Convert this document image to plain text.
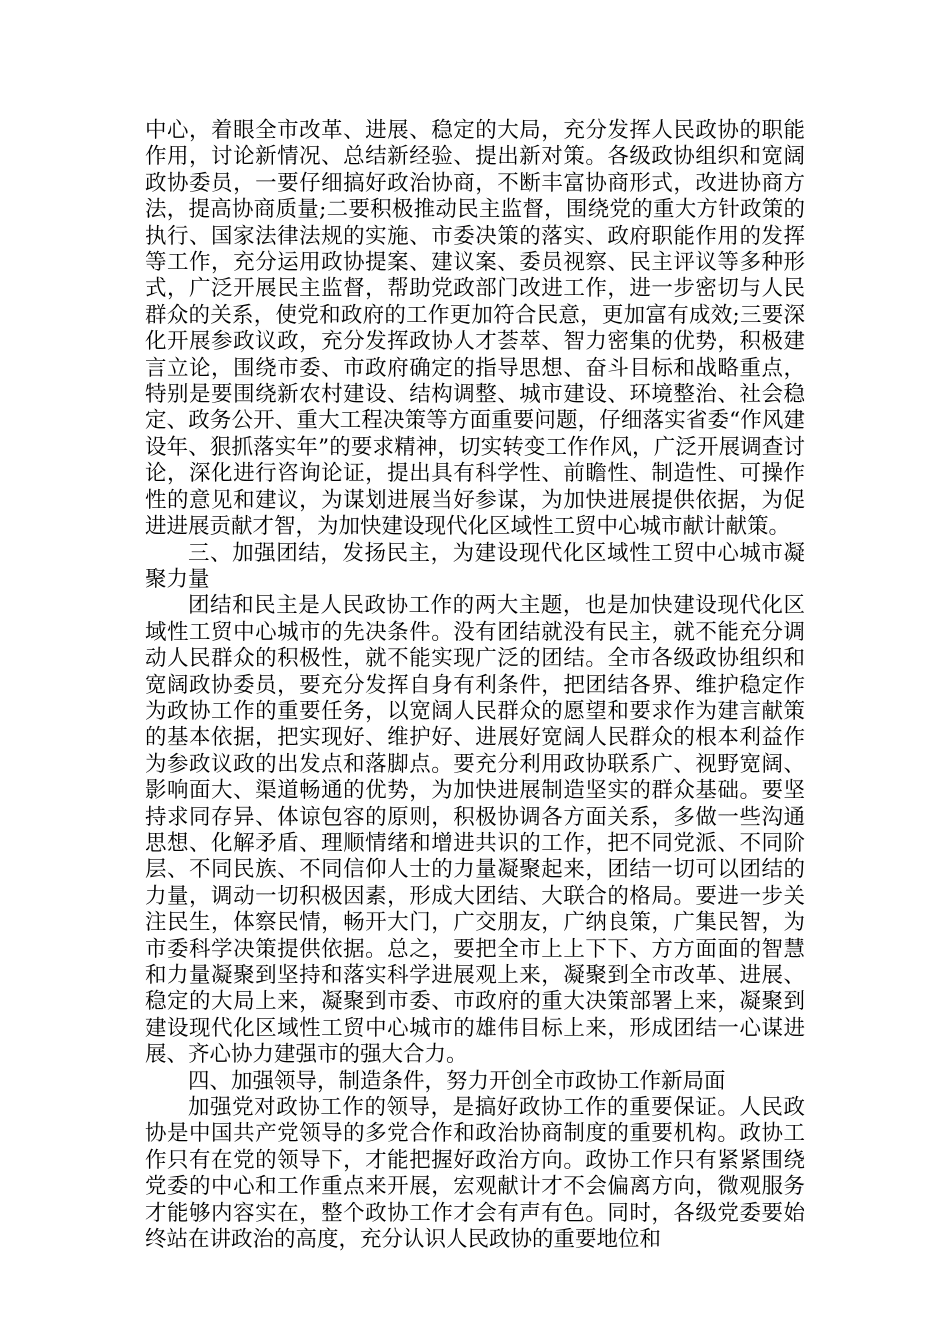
中心，着眼全市改革、进展、稳定的大局，充分发挥人民政协的职能作用，讨论新情况、总结新经验、提出新对策。各级政协组织和宽阔政协委员，一要仔细搞好政治协商，不断丰富协商形式，改进协商方法，提高协商质量;二要积极推动民主监督，围绕党的重大方针政策的执行、国家法律法规的实施、市委决策的落实、政府职能作用的发挥等工作，充分运用政协提案、建议案、委员视察、民主评议等多种形式，广泛开展民主监督，帮助党政部门改进工作，进一步密切与人民群众的关系，使党和政府的工作更加符合民意，更加富有成效;三要深化开展参政议政，充分发挥政协人才荟萃、智力密集的优势，积极建言立论，围绕市委、市政府确定的指导思想、奋斗目标和战略重点，特别是要围绕新农村建设、结构调整、城市建设、环境整治、社会稳定、政务公开、重大工程决策等方面重要问题，仔细落实省委“作风建设年、狠抓落实年”的要求精神，切实转变工作作风，广泛开展调查讨论，深化进行咨询论证，提出具有科学性、前瞻性、制造性、可操作性的意见和建议，为谋划进展当好参谋，为加快进展提供依据，为促进进展贡献才智，为加快建设现代化区域性工贸中心城市献计献策。

三、加强团结，发扬民主，为建设现代化区域性工贸中心城市凝聚力量

团结和民主是人民政协工作的两大主题，也是加快建设现代化区域性工贸中心城市的先决条件。没有团结就没有民主，就不能充分调动人民群众的积极性，就不能实现广泛的团结。全市各级政协组织和宽阔政协委员，要充分发挥自身有利条件，把团结各界、维护稳定作为政协工作的重要任务，以宽阔人民群众的愿望和要求作为建言献策的基本依据，把实现好、维护好、进展好宽阔人民群众的根本利益作为参政议政的出发点和落脚点。要充分利用政协联系广、视野宽阔、影响面大、渠道畅通的优势，为加快进展制造坚实的群众基础。要坚持求同存异、体谅包容的原则，积极协调各方面关系，多做一些沟通思想、化解矛盾、理顺情绪和增进共识的工作，把不同党派、不同阶层、不同民族、不同信仰人士的力量凝聚起来，团结一切可以团结的力量，调动一切积极因素，形成大团结、大联合的格局。要进一步关注民生，体察民情，畅开大门，广交朋友，广纳良策，广集民智，为市委科学决策提供依据。总之，要把全市上上下下、方方面面的智慧和力量凝聚到坚持和落实科学进展观上来，凝聚到全市改革、进展、稳定的大局上来，凝聚到市委、市政府的重大决策部署上来，凝聚到建设现代化区域性工贸中心城市的雄伟目标上来，形成团结一心谋进展、齐心协力建强市的强大合力。

四、加强领导，制造条件，努力开创全市政协工作新局面

加强党对政协工作的领导，是搞好政协工作的重要保证。人民政协是中国共产党领导的多党合作和政治协商制度的重要机构。政协工作只有在党的领导下，才能把握好政治方向。政协工作只有紧紧围绕党委的中心和工作重点来开展，宏观献计才不会偏离方向，微观服务才能够内容实在，整个政协工作才会有声有色。同时，各级党委要始终站在讲政治的高度，充分认识人民政协的重要地位和
